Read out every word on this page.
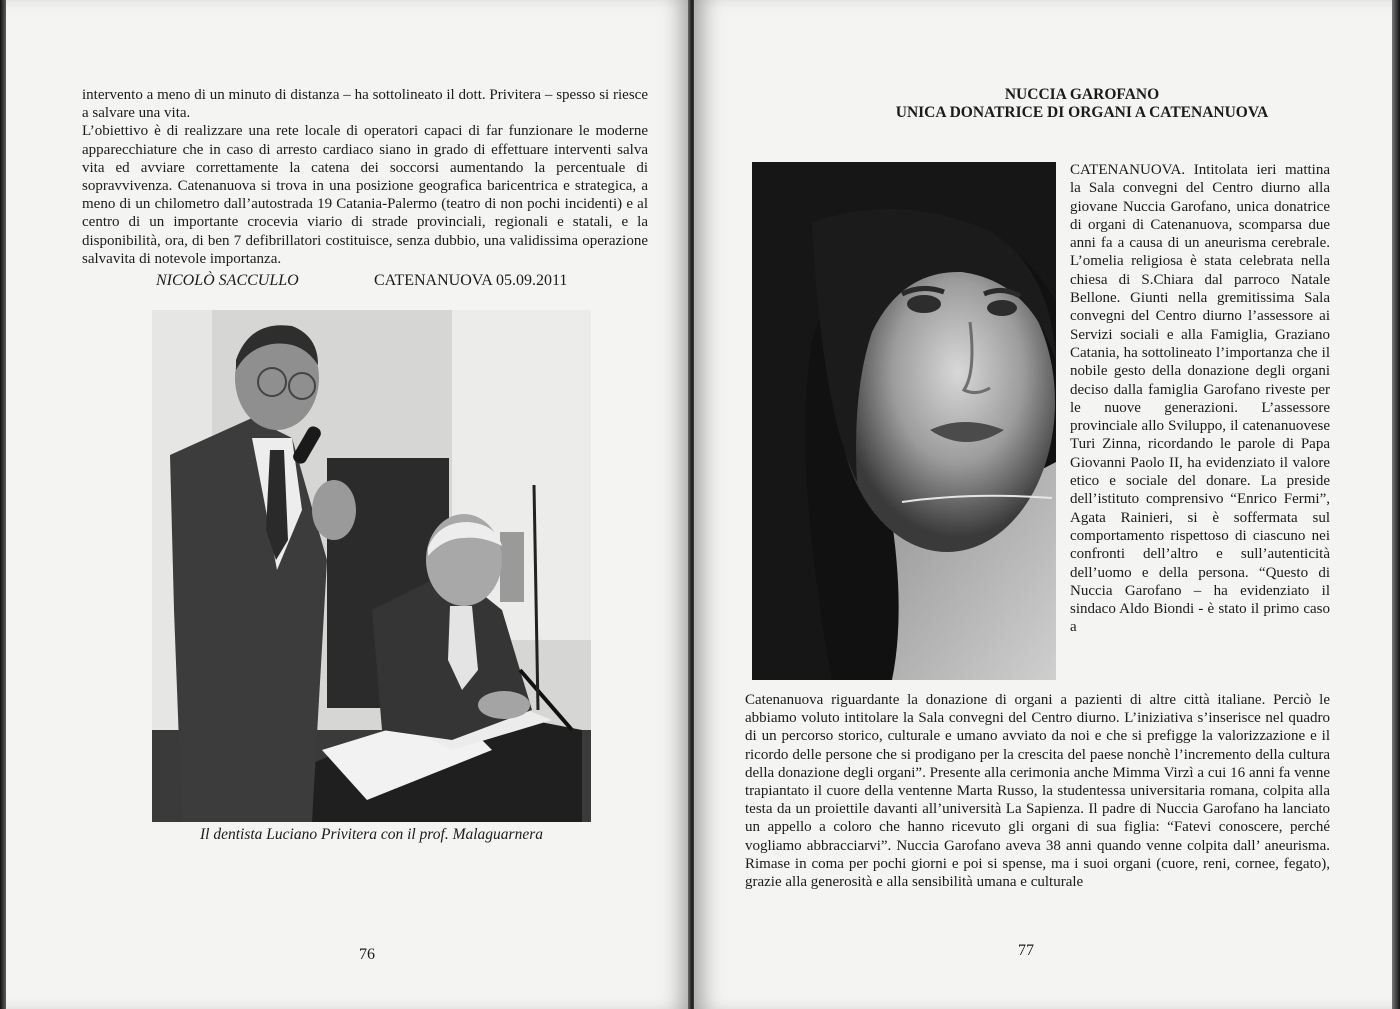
intervento a meno di un minuto di distanza – ha sottolineato il dott. Privitera – spesso si riesce a salvare una vita.

L’obiettivo è di realizzare una rete locale di operatori capaci di far funzionare le moderne apparecchiature che in caso di arresto cardiaco siano in grado di effettuare interventi salva vita ed avviare correttamente la catena dei soccorsi aumentando la percentuale di sopravvivenza. Catenanuova si trova in una posizione geografica baricentrica e strategica, a meno di un chilometro dall’autostrada 19 Catania-Palermo (teatro di non pochi incidenti) e al centro di un importante crocevia viario di strade provinciali, regionali e statali, e la disponibilità, ora, di ben 7 defibrillatori costituisce, senza dubbio, una validissima operazione salvavita di notevole importanza.

NICOLÒ SACCULLO	CATENANUOVA 05.09.2011
Il dentista Luciano Privitera con il prof. Malaguarnera
76
NUCCIA GAROFANO
UNICA DONATRICE DI ORGANI A CATENANUOVA

CATENANUOVA. Intitolata ieri mattina la Sala convegni del Centro diurno alla giovane Nuccia Garofano, unica donatrice di organi di Catenanuova, scomparsa due anni fa a causa di un aneurisma cerebrale. L’omelia religiosa è stata celebrata nella chiesa di S.Chiara dal parroco Natale Bellone. Giunti nella gremitissima Sala convegni del Centro diurno l’assessore ai Servizi sociali e alla Famiglia, Graziano Catania, ha sottolineato l’importanza che il nobile gesto della donazione degli organi deciso dalla famiglia Garofano riveste per le nuove generazioni. L’assessore provinciale allo Sviluppo, il catenanuovese Turi Zinna, ricordando le parole di Papa Giovanni Paolo II, ha evidenziato il valore etico e sociale del donare. La preside dell’istituto comprensivo “Enrico Fermi”, Agata Rainieri, si è soffermata sul comportamento rispettoso di ciascuno nei confronti dell’altro e sull’autenticità dell’uomo e della persona. “Questo di Nuccia Garofano – ha evidenziato il sindaco Aldo Biondi - è stato il primo caso a

Catenanuova riguardante la donazione di organi a pazienti di altre città italiane. Perciò le abbiamo voluto intitolare la Sala convegni del Centro diurno. L’iniziativa s’inserisce nel quadro di un percorso storico, culturale e umano avviato da noi e che si prefigge la valorizzazione e il ricordo delle persone che si prodigano per la crescita del paese nonchè l’incremento della cultura della donazione degli organi”. Presente alla cerimonia anche Mimma Virzì a cui 16 anni fa venne trapiantato il cuore della ventenne Marta Russo, la studentessa universitaria romana, colpita alla testa da un proiettile davanti all’università La Sapienza. Il padre di Nuccia Garofano ha lanciato un appello a coloro che hanno ricevuto gli organi di sua figlia: “Fatevi conoscere, perché vogliamo abbracciarvi”. Nuccia Garofano aveva 38 anni quando venne colpita dall’ aneurisma. Rimase in coma per pochi giorni e poi si spense, ma i suoi organi (cuore, reni, cornee, fegato), grazie alla generosità e alla sensibilità umana e culturale

77
